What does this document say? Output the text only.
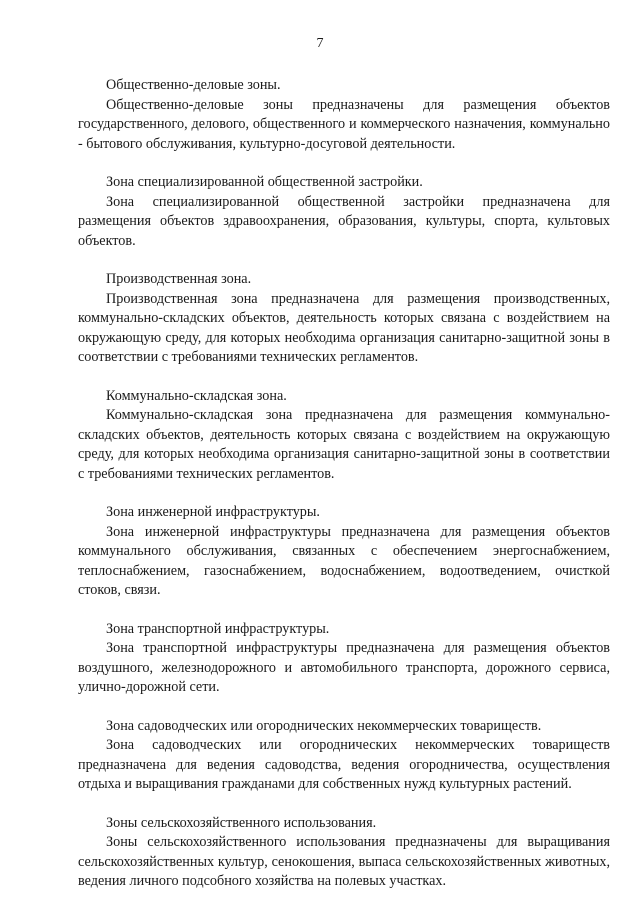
7

Общественно-деловые зоны.

Общественно-деловые зоны предназначены для размещения объектов государственного, делового, общественного и коммерческого назначения, коммунально - бытового обслуживания, культурно-досуговой деятельности.

Зона специализированной общественной застройки.

Зона специализированной общественной застройки предназначена для размещения объектов здравоохранения, образования, культуры, спорта, культовых объектов.

Производственная зона.

Производственная зона предназначена для размещения производственных, коммунально-складских объектов, деятельность которых связана с воздействием на окружающую среду, для которых необходима организация санитарно-защитной зоны в соответствии с требованиями технических регламентов.

Коммунально-складская зона.

Коммунально-складская зона предназначена для размещения коммунально-складских объектов, деятельность которых связана с воздействием на окружающую среду, для которых необходима организация санитарно-защитной зоны в соответствии с требованиями технических регламентов.

Зона инженерной инфраструктуры.

Зона инженерной инфраструктуры предназначена для размещения объектов коммунального обслуживания, связанных с обеспечением энергоснабжением, теплоснабжением, газоснабжением, водоснабжением, водоотведением, очисткой стоков, связи.

Зона транспортной инфраструктуры.

Зона транспортной инфраструктуры предназначена для размещения объектов воздушного, железнодорожного и автомобильного транспорта, дорожного сервиса, улично-дорожной сети.

Зона садоводческих или огороднических некоммерческих товариществ.

Зона садоводческих или огороднических некоммерческих товариществ предназначена для ведения садоводства, ведения огородничества, осуществления отдыха и выращивания гражданами для собственных нужд культурных растений.

Зоны сельскохозяйственного использования.

Зоны сельскохозяйственного использования предназначены для выращивания сельскохозяйственных культур, сенокошения, выпаса сельскохозяйственных животных, ведения личного подсобного хозяйства на полевых участках.
